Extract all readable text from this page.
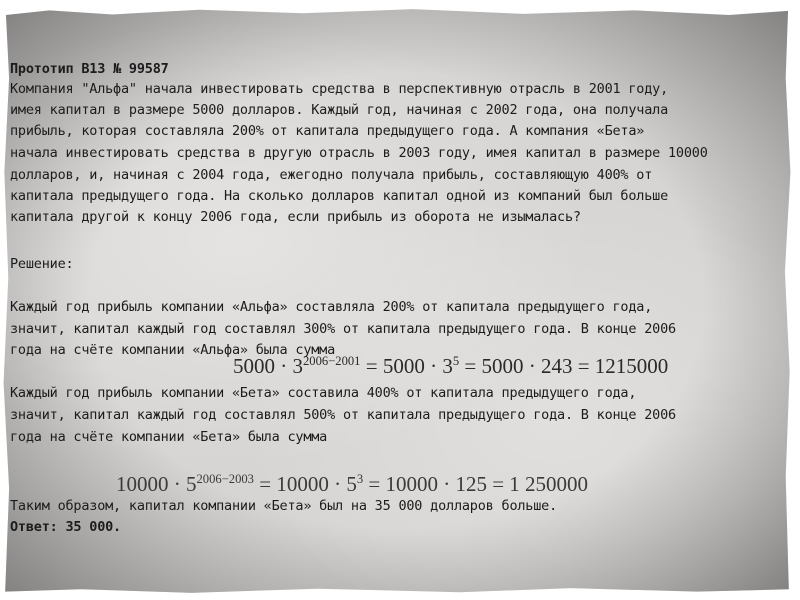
Прототип B13 № 99587
Компания "Альфа" начала инвестировать средства в перспективную отрасль в 2001 году,
имея капитал в размере 5000 долларов. Каждый год, начиная с 2002 года, она получала
прибыль, которая составляла 200% от капитала предыдущего года. А компания «Бета»
начала инвестировать средства в другую отрасль в 2003 году, имея капитал в размере 10000
долларов, и, начиная с 2004 года, ежегодно получала прибыль, составляющую 400% от
капитала предыдущего года. На сколько долларов капитал одной из компаний был больше
капитала другой к концу 2006 года, если прибыль из оборота не изымалась?
Решение:
Каждый год прибыль компании «Альфа» составляла 200% от капитала предыдущего года,
значит, капитал каждый год составлял 300% от капитала предыдущего года. В конце 2006
года на счёте компании «Альфа» была сумма
$5000 \cdot 3^{2006-2001} = 5000 \cdot 3^5 = 5000 \cdot 243 = 1215000$
Каждый год прибыль компании «Бета» составила 400% от капитала предыдущего года,
значит, капитал каждый год составлял 500% от капитала предыдущего года. В конце 2006
года на счёте компании «Бета» была сумма
$10000 \cdot 5^{2006-2003} = 10000 \cdot 5^3 = 10000 \cdot 125 = 1$ 250000
Таким образом, капитал компании «Бета» был на 35 000 долларов больше.
Ответ: 35 000.
